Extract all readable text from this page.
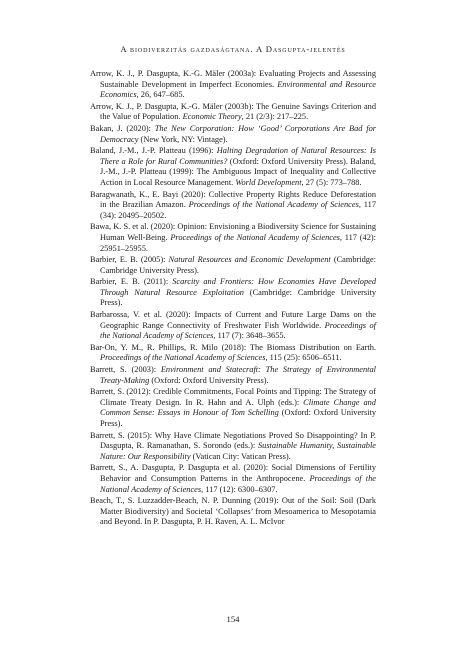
A biodiverzitás gazdaságtana. A Dasgupta-jelentés

Arrow, K. J., P. Dasgupta, K.-G. Mäler (2003a): Evaluating Projects and Assessing Sustainable Development in Imperfect Economies. Environmental and Resource Economics, 26, 647–685.

Arrow, K. J., P. Dasgupta, K.-G. Mäler (2003b): The Genuine Savings Criterion and the Value of Population. Economic Theory, 21 (2/3): 217–225.

Bakan, J. (2020): The New Corporation: How ‘Good’ Corporations Are Bad for Democracy (New York, NY: Vintage).

Baland, J.-M., J.-P. Platteau (1996): Halting Degradation of Natural Resources: Is There a Role for Rural Communities? (Oxford: Oxford University Press). Baland, J.-M., J.-P. Platteau (1999): The Ambiguous Impact of Inequality and Collective Action in Local Resource Management. World Development, 27 (5): 773–788.

Baragwanath, K., E. Bayi (2020): Collective Property Rights Reduce Deforestation in the Brazilian Amazon. Proceedings of the National Academy of Sciences, 117 (34): 20495–20502.

Bawa, K. S. et al. (2020): Opinion: Envisioning a Biodiversity Science for Sustaining Human Well-Being. Proceedings of the National Academy of Sciences, 117 (42): 25951–25955.

Barbier, E. B. (2005): Natural Resources and Economic Development (Cambridge: Cambridge University Press).

Barbier, E. B. (2011): Scarcity and Frontiers: How Economies Have Developed Through Natural Resource Exploitation (Cambridge: Cambridge University Press).

Barbarossa, V. et al. (2020): Impacts of Current and Future Large Dams on the Geographic Range Connectivity of Freshwater Fish Worldwide. Proceedings of the National Academy of Sciences, 117 (7): 3648–3655.

Bar-On, Y. M., R. Phillips, R. Milo (2018): The Biomass Distribution on Earth. Proceedings of the National Academy of Sciences, 115 (25): 6506–6511.

Barrett, S. (2003): Environment and Statecraft: The Strategy of Environmental Treaty-Making (Oxford: Oxford University Press).

Barrett, S. (2012): Credible Commitments, Focal Points and Tipping: The Strategy of Climate Treaty Design. In R. Hahn and A. Ulph (eds.): Climate Change and Common Sense: Essays in Honour of Tom Schelling (Oxford: Oxford University Press).

Barrett, S. (2015): Why Have Climate Negotiations Proved So Disappointing? In P. Dasgupta, R. Ramanathan, S. Sorondo (eds.): Sustainable Humanity, Sustainable Nature: Our Responsibility (Vatican City: Vatican Press).

Barrett, S., A. Dasgupta, P. Dasgupta et al. (2020): Social Dimensions of Fertility Behavior and Consumption Patterns in the Anthropocene. Proceedings of the National Academy of Sciences, 117 (12): 6300–6307.

Beach, T., S. Luzzadder-Beach, N. P. Dunning (2019): Out of the Soil: Soil (Dark Matter Biodiversity) and Societal ‘Collapses’ from Mesoamerica to Mesopotamia and Beyond. In P. Dasgupta, P. H. Raven, A. L. McIvor

154
